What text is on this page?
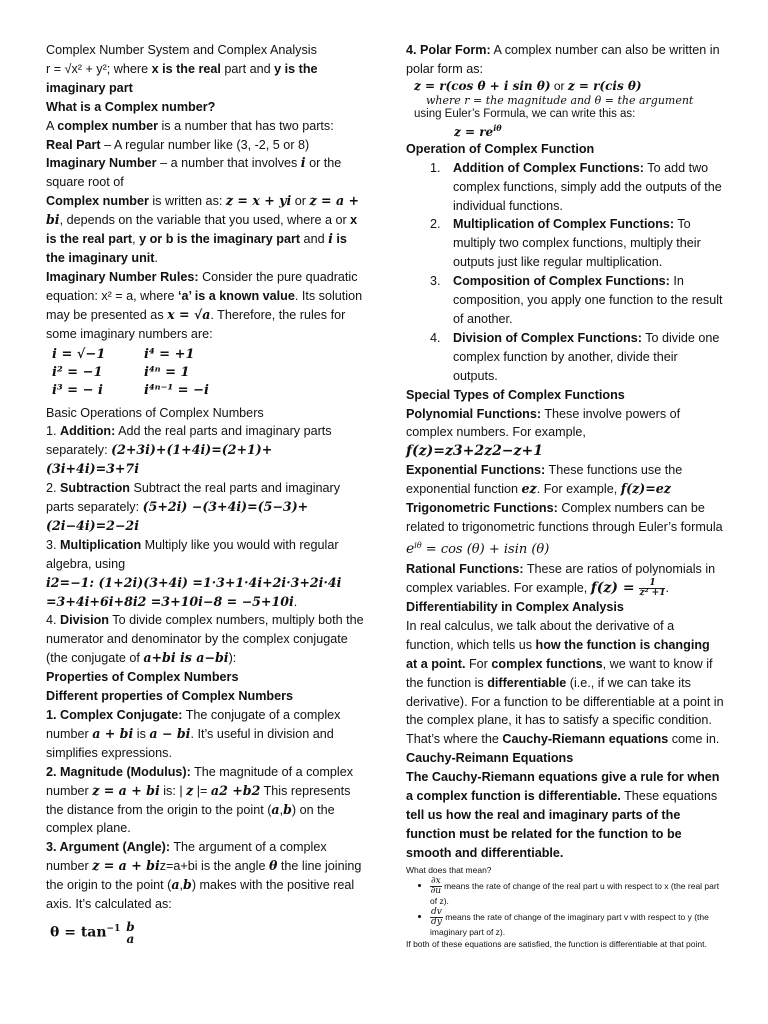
Complex Number System and Complex Analysis
r = √x² + y²; where x is the real part and y is the imaginary part
What is a Complex number?
A complex number is a number that has two parts:
Real Part – A regular number like (3, -2, 5 or 8)
Imaginary Number – a number that involves i or the square root of
Complex number is written as: z = x + yi or z = a + bi, depends on the variable that you used, where a or x is the real part, y or b is the imaginary part and i is the imaginary unit.
Imaginary Number Rules: Consider the pure quadratic equation: x² = a, where ‘a’ is a known value. Its solution may be presented as x = √a. Therefore, the rules for some imaginary numbers are:
i = √−1	i⁴ = +1
i² = −1	i⁴ⁿ = 1
i³ = − i	i⁴ⁿ⁻¹ = −i
Basic Operations of Complex Numbers
1. Addition: Add the real parts and imaginary parts separately: (2+3i)+(1+4i)=(2+1)+(3i+4i)=3+7i
2. Subtraction Subtract the real parts and imaginary parts separately: (5+2i) −(3+4i)=(5−3)+(2i−4i)=2−2i
3. Multiplication Multiply like you would with regular algebra, using
i2=−1: (1+2i)(3+4i) =1·3+1·4i+2i·3+2i·4i =3+4i+6i+8i2 =3+10i−8 = −5+10i.
4. Division To divide complex numbers, multiply both the numerator and denominator by the complex conjugate (the conjugate of a+bi is a−bi):
Properties of Complex Numbers
Different properties of Complex Numbers
1. Complex Conjugate: The conjugate of a complex number a + bi is a − bi. It’s useful in division and simplifies expressions.
2. Magnitude (Modulus): The magnitude of a complex number z = a + bi is: | z |= a2 +b2 This represents the distance from the origin to the point (a,b) on the complex plane.
3. Argument (Angle): The argument of a complex number z = a + biz=a+bi is the angle θ the line joining the origin to the point (a,b) makes with the positive real axis. It’s calculated as:
$\theta = \tan^{-1} b$
a
4. Polar Form: A complex number can also be written in polar form as:
z = r(cos θ + i sin θ) or z = r(cis θ)
where r = the magnitude and θ = the argument
using Euler’s Formula, we can write this as:
$z = re^{i\theta}$
Operation of Complex Function
1. Addition of Complex Functions: To add two complex functions, simply add the outputs of the individual functions.
2. Multiplication of Complex Functions: To multiply two complex functions, multiply their outputs just like regular multiplication.
3. Composition of Complex Functions: In composition, you apply one function to the result of another.
4. Division of Complex Functions: To divide one complex function by another, divide their outputs.
Special Types of Complex Functions
Polynomial Functions: These involve powers of complex numbers. For example,
f(z)=z3+2z2−z+1
Exponential Functions: These functions use the exponential function ez. For example, f(z)=ez
Trigonometric Functions: Complex numbers can be related to trigonometric functions through Euler’s formula $e^{i\theta} = \cos (\theta) + isin$ (θ)
Rational Functions: These are ratios of polynomials in complex variables. For example, $f(z) = \frac{1}{\text{z² +1}}$ .
Differentiability in Complex Analysis
In real calculus, we talk about the derivative of a function, which tells us how the function is changing at a point. For complex functions, we want to know if the function is differentiable (i.e., if we can take its derivative). For a function to be differentiable at a point in the complex plane, it has to satisfy a specific condition. That’s where the Cauchy-Riemann equations come in.
Cauchy-Reimann Equations
The Cauchy-Riemann equations give a rule for when a complex function is differentiable. These equations tell us how the real and imaginary parts of the function must be related for the function to be smooth and differentiable.
What does that mean?
• $\frac{\partial x}{\partial u}$ means the rate of change of the real part u with respect to x (the real part of z).
• $\frac{dv}{dy}$ means the rate of change of the imaginary part v with respect to y (the imaginary part of z).
If both of these equations are satisfied, the function is differentiable at that point.
